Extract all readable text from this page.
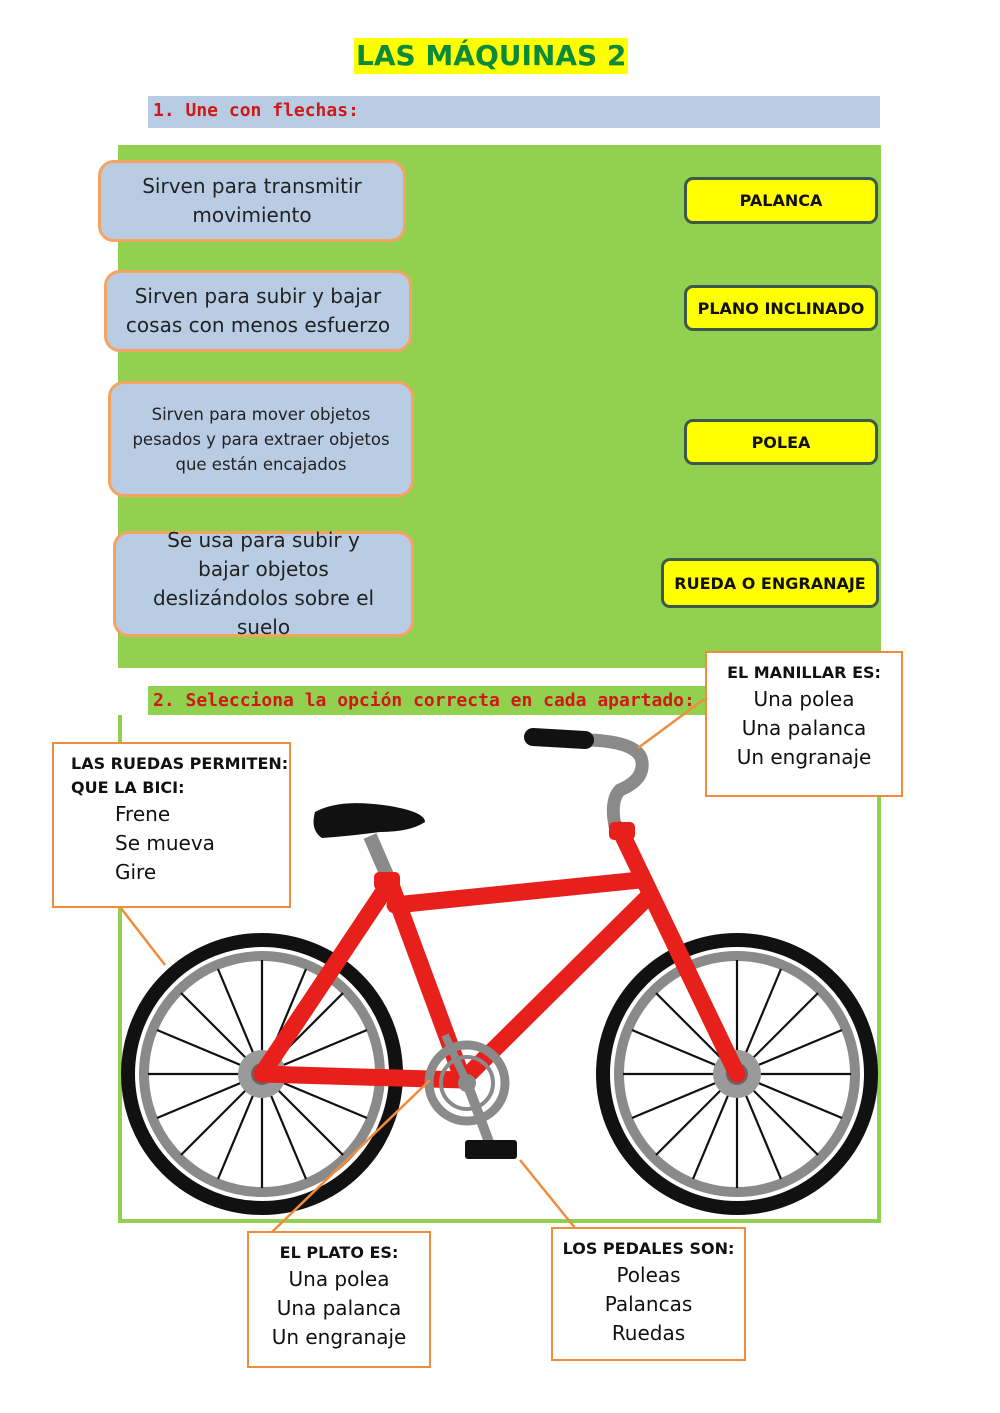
LAS MÁQUINAS 2
1. Une con flechas:
Sirven para transmitir movimiento
Sirven para subir y bajar cosas con menos esfuerzo
Sirven para mover objetos pesados y para extraer objetos que están encajados
Se usa para subir y bajar objetos deslizándolos sobre el suelo
PALANCA
PLANO INCLINADO
POLEA
RUEDA O ENGRANAJE
2. Selecciona la opción correcta en cada apartado:
EL MANILLAR ES:
Una polea
Una palanca
Un engranaje
LAS RUEDAS PERMITEN:
QUE LA BICI:
Frene
Se mueva
Gire
EL PLATO ES:
Una polea
Una palanca
Un engranaje
LOS PEDALES SON:
Poleas
Palancas
Ruedas
